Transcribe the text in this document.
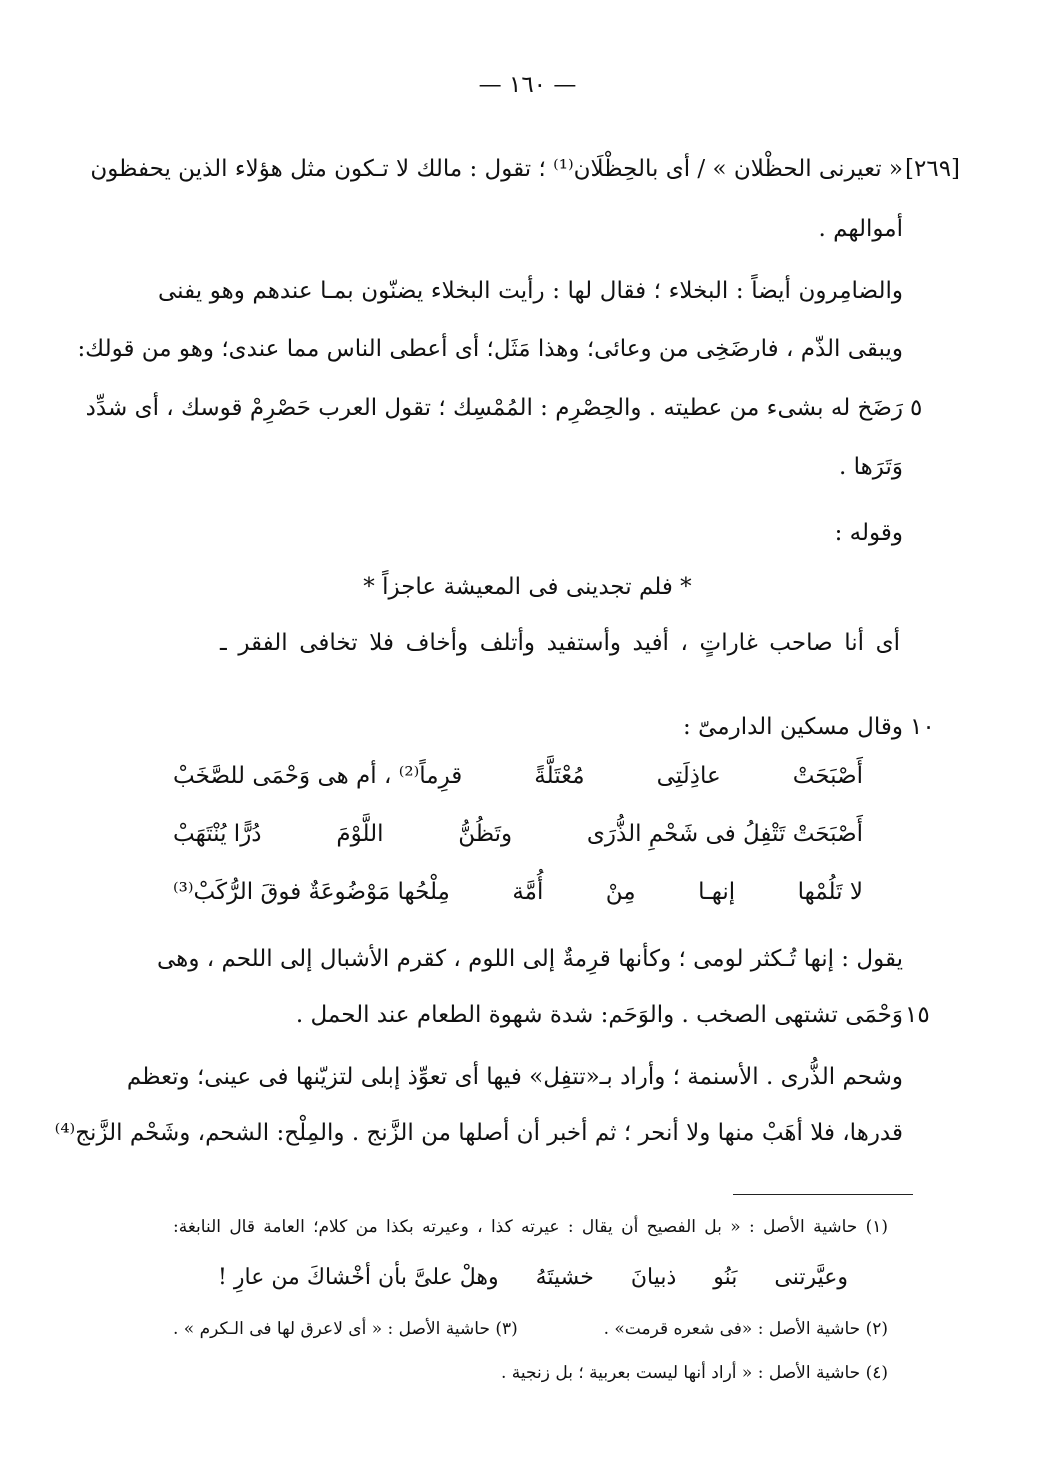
— ١٦٠ —
[٢٦٩]
« تعيرنى الحظْلان » / أى بالحِظْلَان⁽¹⁾ ؛ تقول : مالك لا تـكون مثل هؤلاء الذين يحفظون
أموالهم .
والضامِرون أيضاً : البخلاء ؛ فقال لها : رأيت البخلاء يضنّون بمـا عندهم وهو يفنى
ويبقى الذّم ، فارضَخِى من وعائى؛ وهذا مَثَل؛ أى أعطى الناس مما عندى؛ وهو من قولك:
٥
رَضَخ له بشىء من عطيته . والحِصْرِم : المُمْسِك ؛ تقول العرب حَصْرِمْ قوسك ، أى شدِّد
وَتَرَها .
وقوله :
* فلم تجدينى فى المعيشة عاجزاً *
أى أنا صاحب غاراتٍ ، أفيد وأستفيد وأتلف وأخاف فلا تخافى الفقر ـ
١٠
وقال مسكين الدارمىّ :
أَصْبَحَتْ
عاذِلَتِى
مُعْتَلَّةً
قرِماً⁽²⁾ ، أم هى وَحْمَى للصَّخَبْ
أَصْبَحَتْ تَتْفِلُ فى شَحْمِ الذُّرَى
وتَظُنُّ
اللَّوْمَ
دُرًّا يُنْتَهَبْ
لا تَلُمْها
إنهـا
مِنْ
أُمَّة
مِلْحُها مَوْضُوعَةٌ فوقَ الرُّكَبْ⁽³⁾
يقول : إنها تُـكثر لومى ؛ وكأنها قرِمةٌ إلى اللوم ، كقرم الأشبال إلى اللحم ، وهى
١٥
وَحْمَى تشتهى الصخب . والوَحَم: شدة شهوة الطعام عند الحمل .
وشحم الذُّرى . الأسنمة ؛ وأراد بـ«تتفِل» فيها أى تعوِّذ إبلى لتزيّنها فى عينى؛ وتعظم
قدرها، فلا أهَبْ منها ولا أنحر ؛ ثم أخبر أن أصلها من الزَّنج . والمِلْح: الشحم، وشَحْم الزَّنج⁽⁴⁾
(١) حاشية الأصل : « بل الفصيح أن يقال : عيرته كذا ، وعيرته بكذا من كلام؛ العامة قال النابغة:
وعيَّرتنى
بَنُو
ذبيانَ
خشيتَهُ
وهلْ علىَّ بأن أخْشاكَ من عارِ !
(٢) حاشية الأصل : «فى شعره قرمت» .
(٣) حاشية الأصل : « أى لاعرق لها فى الـكرم » .
(٤) حاشية الأصل : « أراد أنها ليست بعربية ؛ بل زنجية .
